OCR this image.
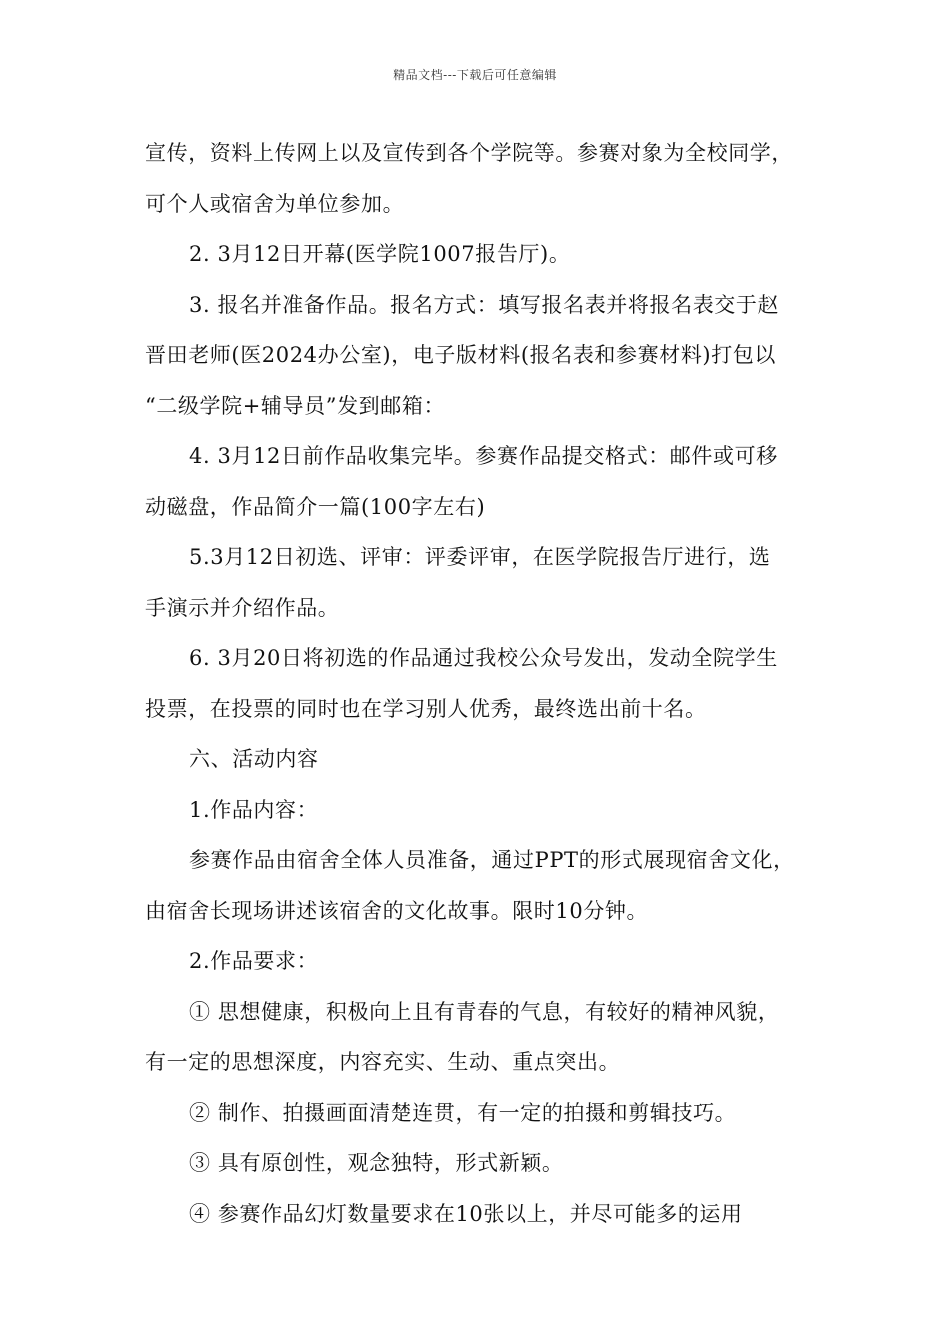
精品文档---下载后可任意编辑
宣传，资料上传网上以及宣传到各个学院等。参赛对象为全校同学，
可个人或宿舍为单位参加。
2. 3月12日开幕(医学院1007报告厅)。
3. 报名并准备作品。报名方式：填写报名表并将报名表交于赵
晋田老师(医2024办公室)，电子版材料(报名表和参赛材料)打包以
“二级学院+辅导员”发到邮箱：
4. 3月12日前作品收集完毕。参赛作品提交格式：邮件或可移
动磁盘，作品简介一篇(100字左右)
5.3月12日初选、评审：评委评审，在医学院报告厅进行，选
手演示并介绍作品。
6. 3月20日将初选的作品通过我校公众号发出，发动全院学生
投票，在投票的同时也在学习别人优秀，最终选出前十名。
六、活动内容
1.作品内容：
参赛作品由宿舍全体人员准备，通过PPT的形式展现宿舍文化，
由宿舍长现场讲述该宿舍的文化故事。限时10分钟。
2.作品要求：
① 思想健康，积极向上且有青春的气息，有较好的精神风貌，
有一定的思想深度，内容充实、生动、重点突出。
② 制作、拍摄画面清楚连贯，有一定的拍摄和剪辑技巧。
③ 具有原创性，观念独特，形式新颖。
④ 参赛作品幻灯数量要求在10张以上，并尽可能多的运用
